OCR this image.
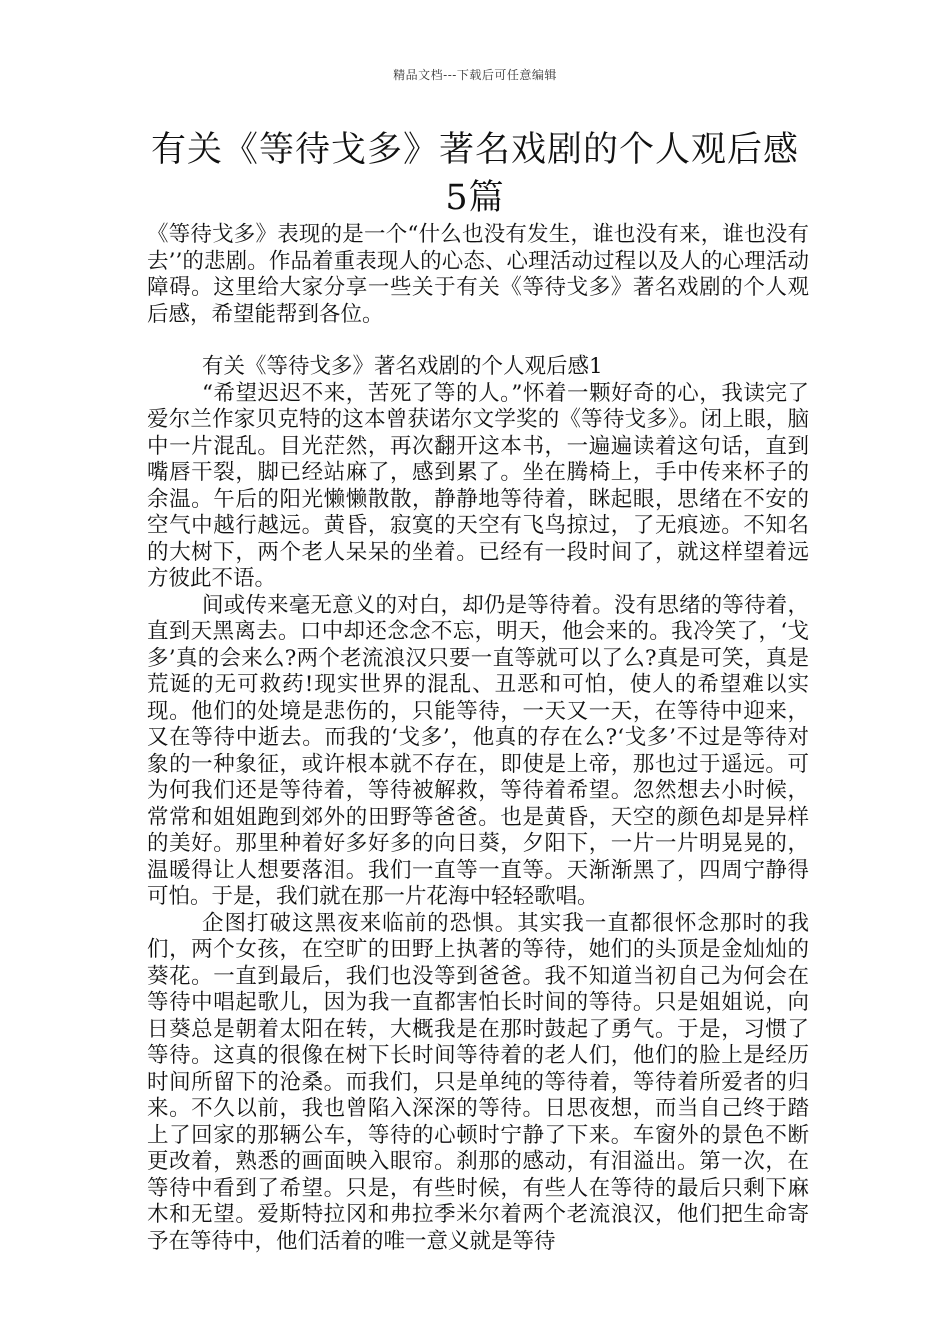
精品文档---下载后可任意编辑
有关《等待戈多》著名戏剧的个人观后感5篇

《等待戈多》表现的是一个“什么也没有发生，谁也没有来，谁也没有去’’的悲剧。作品着重表现人的心态、心理活动过程以及人的心理活动障碍。这里给大家分享一些关于有关《等待戈多》著名戏剧的个人观后感，希望能帮到各位。

有关《等待戈多》著名戏剧的个人观后感1

“希望迟迟不来，苦死了等的人。”怀着一颗好奇的心，我读完了爱尔兰作家贝克特的这本曾获诺尔文学奖的《等待戈多》。闭上眼，脑中一片混乱。目光茫然，再次翻开这本书，一遍遍读着这句话，直到嘴唇干裂，脚已经站麻了，感到累了。坐在腾椅上，手中传来杯子的余温。午后的阳光懒懒散散，静静地等待着，眯起眼，思绪在不安的空气中越行越远。黄昏，寂寞的天空有飞鸟掠过，了无痕迹。不知名的大树下，两个老人呆呆的坐着。已经有一段时间了，就这样望着远方彼此不语。

间或传来毫无意义的对白，却仍是等待着。没有思绪的等待着，直到天黑离去。口中却还念念不忘，明天，他会来的。我冷笑了，‘戈多’真的会来么?两个老流浪汉只要一直等就可以了么?真是可笑，真是荒诞的无可救药!现实世界的混乱、丑恶和可怕，使人的希望难以实现。他们的处境是悲伤的，只能等待，一天又一天，在等待中迎来，又在等待中逝去。而我的‘戈多’，他真的存在么?‘戈多’不过是等待对象的一种象征，或许根本就不存在，即使是上帝，那也过于遥远。可为何我们还是等待着，等待被解救，等待着希望。忽然想去小时候，常常和姐姐跑到郊外的田野等爸爸。也是黄昏，天空的颜色却是异样的美好。那里种着好多好多的向日葵，夕阳下，一片一片明晃晃的，温暖得让人想要落泪。我们一直等一直等。天渐渐黑了，四周宁静得可怕。于是，我们就在那一片花海中轻轻歌唱。

企图打破这黑夜来临前的恐惧。其实我一直都很怀念那时的我们，两个女孩，在空旷的田野上执著的等待，她们的头顶是金灿灿的葵花。一直到最后，我们也没等到爸爸。我不知道当初自己为何会在等待中唱起歌儿，因为我一直都害怕长时间的等待。只是姐姐说，向日葵总是朝着太阳在转，大概我是在那时鼓起了勇气。于是，习惯了等待。这真的很像在树下长时间等待着的老人们，他们的脸上是经历时间所留下的沧桑。而我们，只是单纯的等待着，等待着所爱者的归来。不久以前，我也曾陷入深深的等待。日思夜想，而当自己终于踏上了回家的那辆公车，等待的心顿时宁静了下来。车窗外的景色不断更改着，熟悉的画面映入眼帘。刹那的感动，有泪溢出。第一次，在等待中看到了希望。只是，有些时候，有些人在等待的最后只剩下麻木和无望。爱斯特拉冈和弗拉季米尔着两个老流浪汉，他们把生命寄予在等待中，他们活着的唯一意义就是等待
